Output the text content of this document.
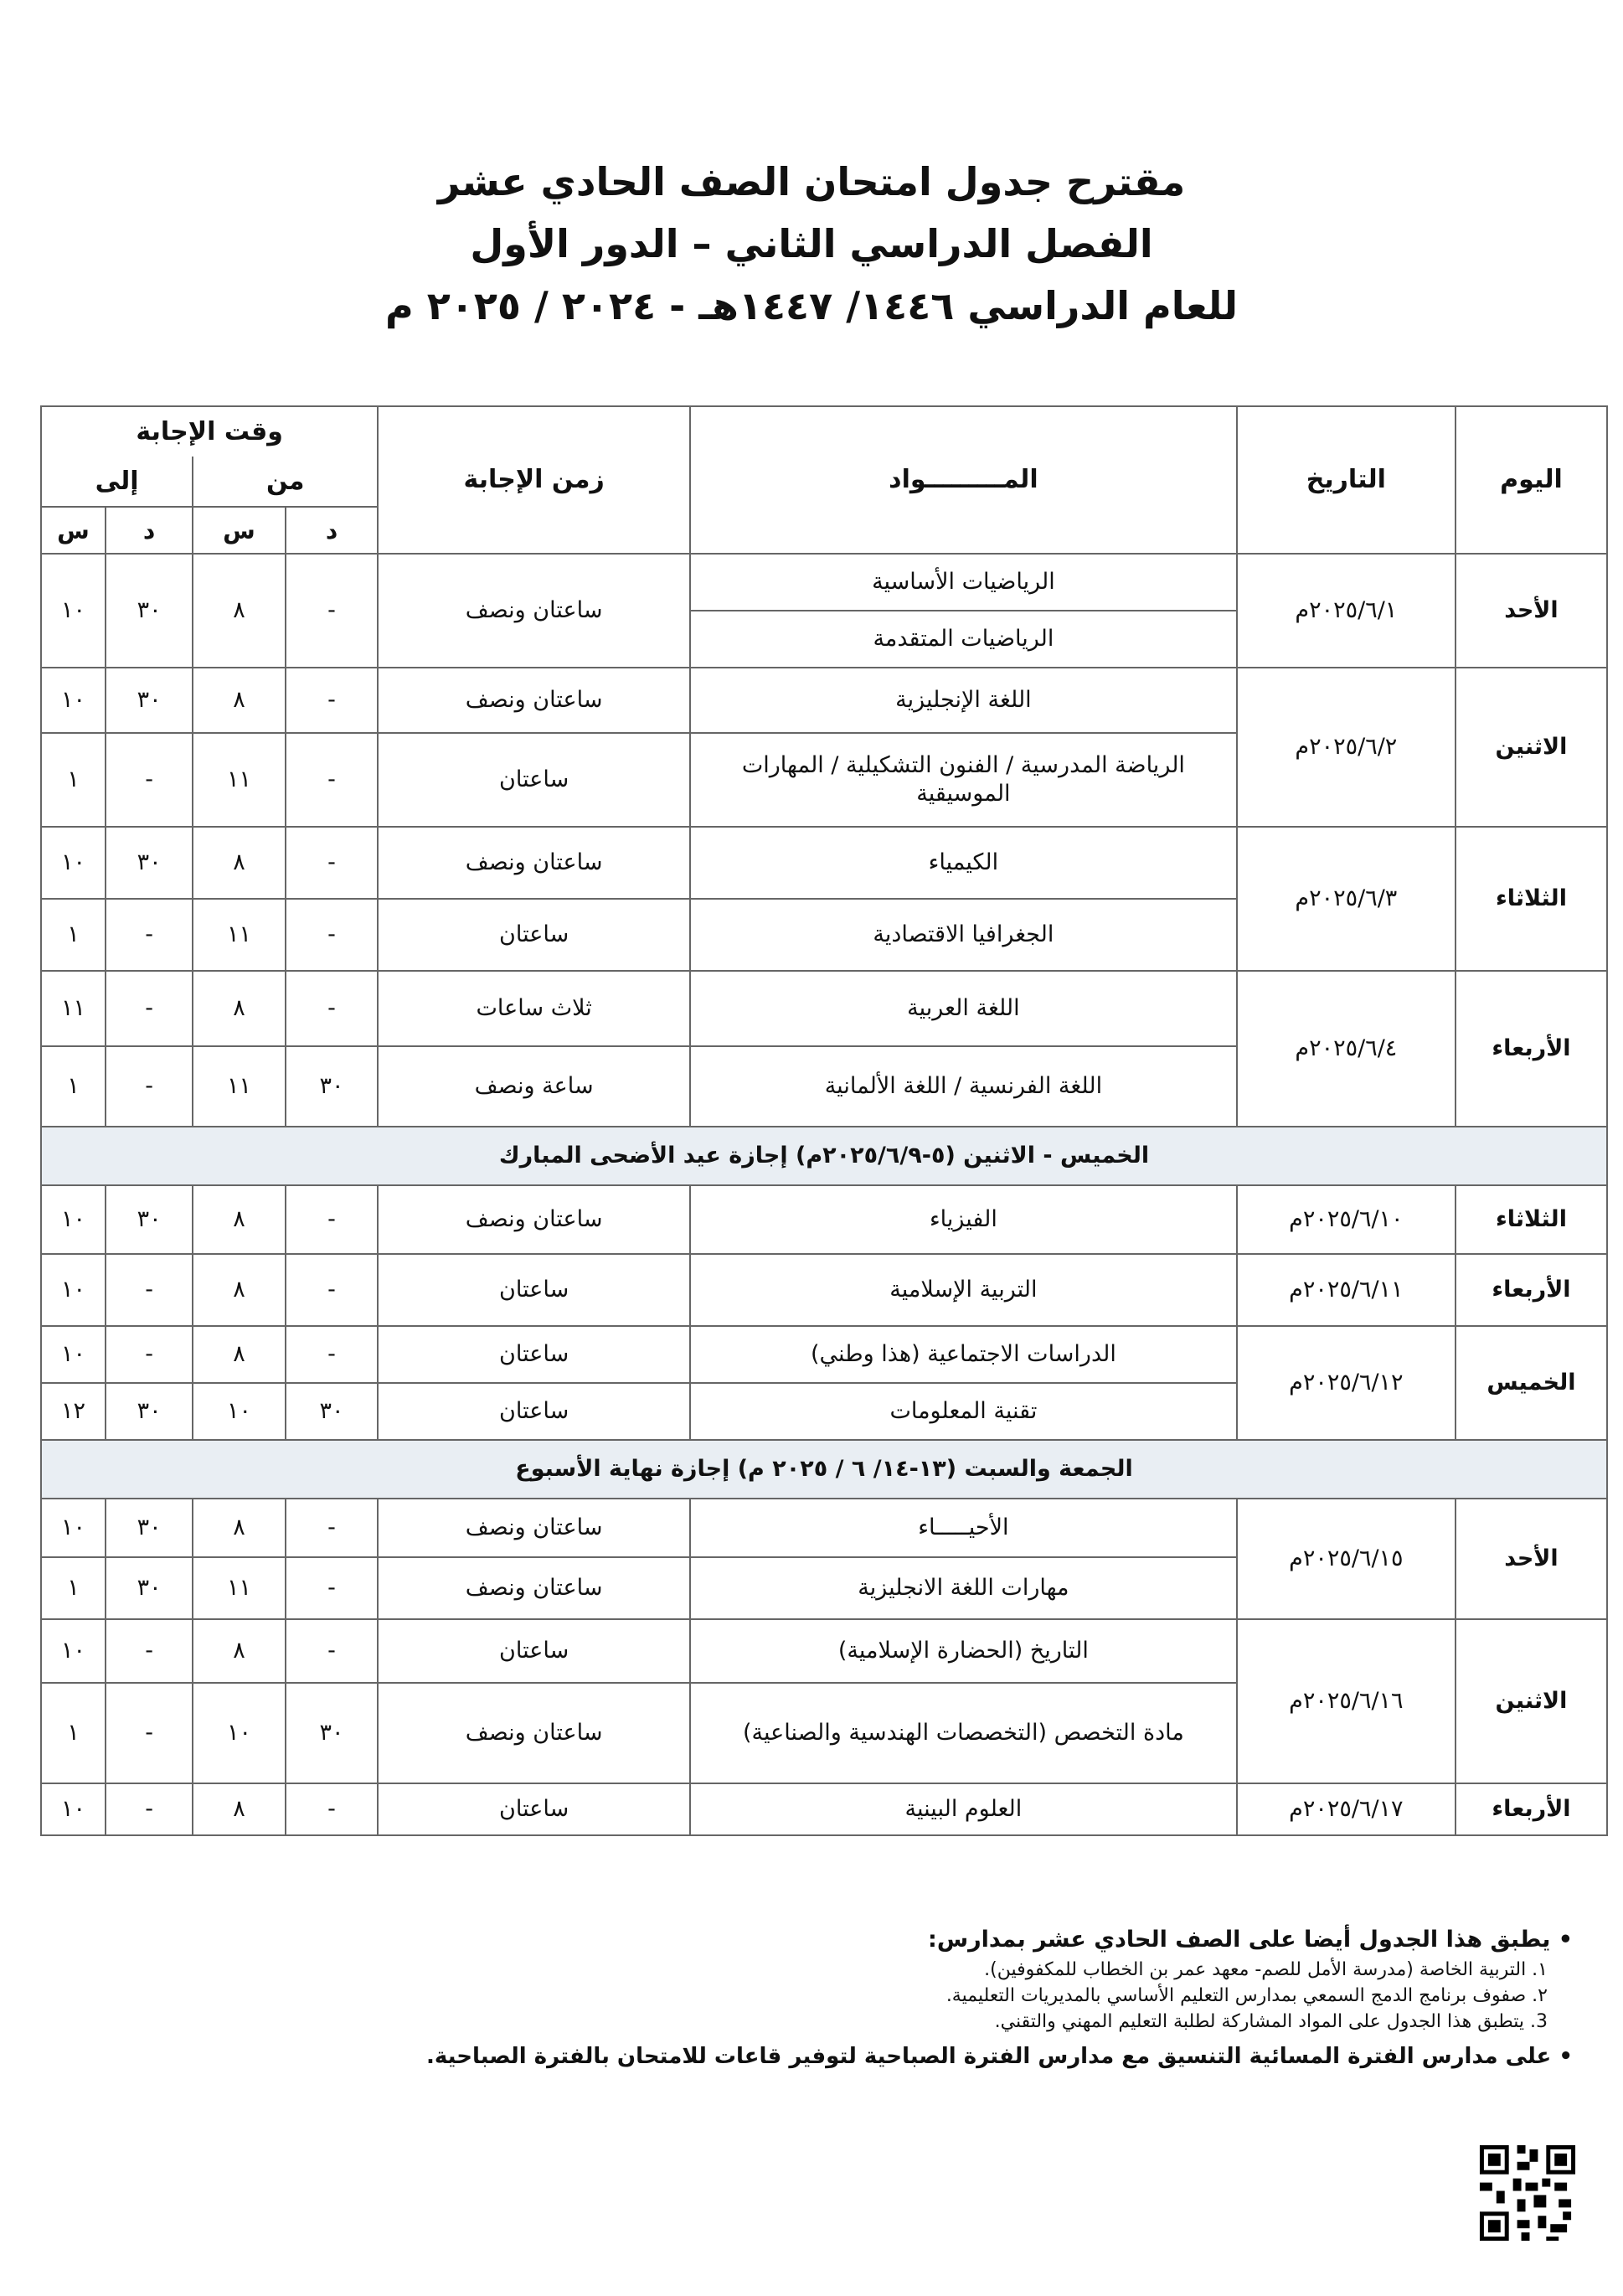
مقترح جدول امتحان الصف الحادي عشر
الفصل الدراسي الثاني – الدور الأول
للعام الدراسي ١٤٤٦/ ١٤٤٧هـ - ٢٠٢٤ / ٢٠٢٥ م
اليوم	التاريخ	المـــــــــواد	زمن الإجابة	وقت الإجابة			
				من		إلى	
				د	س	د	س
الأحد	٢٠٢٥/٦/١م	الرياضيات الأساسية	ساعتان ونصف	-	٨	٣٠	١٠
		الرياضيات المتقدمة					
الاثنين	٢٠٢٥/٦/٢م	اللغة الإنجليزية	ساعتان ونصف	-	٨	٣٠	١٠
		الرياضة المدرسية / الفنون التشكيلية / المهارات الموسيقية	ساعتان	-	١١	-	١
الثلاثاء	٢٠٢٥/٦/٣م	الكيمياء	ساعتان ونصف	-	٨	٣٠	١٠
		الجغرافيا الاقتصادية	ساعتان	-	١١	-	١
الأربعاء	٢٠٢٥/٦/٤م	اللغة العربية	ثلاث ساعات	-	٨	-	١١
		اللغة الفرنسية / اللغة الألمانية	ساعة ونصف	٣٠	١١	-	١
الخميس - الاثنين (٥-٢٠٢٥/٦/٩م) إجازة عيد الأضحى المبارك							
الثلاثاء	٢٠٢٥/٦/١٠م	الفيزياء	ساعتان ونصف	-	٨	٣٠	١٠
الأربعاء	٢٠٢٥/٦/١١م	التربية الإسلامية	ساعتان	-	٨	-	١٠
الخميس	٢٠٢٥/٦/١٢م	الدراسات الاجتماعية (هذا وطني)	ساعتان	-	٨	-	١٠
		تقنية المعلومات	ساعتان	٣٠	١٠	٣٠	١٢
الجمعة والسبت (١٣-١٤/ ٦ / ٢٠٢٥ م) إجازة نهاية الأسبوع							
الأحد	٢٠٢٥/٦/١٥م	الأحيـــــاء	ساعتان ونصف	-	٨	٣٠	١٠
		مهارات اللغة الانجليزية	ساعتان ونصف	-	١١	٣٠	١
الاثنين	٢٠٢٥/٦/١٦م	التاريخ (الحضارة الإسلامية)	ساعتان	-	٨	-	١٠
		مادة التخصص (التخصصات الهندسية والصناعية)	ساعتان ونصف	٣٠	١٠	-	١
الأربعاء	٢٠٢٥/٦/١٧م	العلوم البينية	ساعتان	-	٨	-	١٠
• يطبق هذا الجدول أيضا على الصف الحادي عشر بمدارس:
١. التربية الخاصة (مدرسة الأمل للصم- معهد عمر بن الخطاب للمكفوفين).
٢. صفوف برنامج الدمج السمعي بمدارس التعليم الأساسي بالمديريات التعليمية.
3. يتطبق هذا الجدول على المواد المشاركة لطلبة التعليم المهني والتقني.
• على مدارس الفترة المسائية التنسيق مع مدارس الفترة الصباحية لتوفير قاعات للامتحان بالفترة الصباحية.
